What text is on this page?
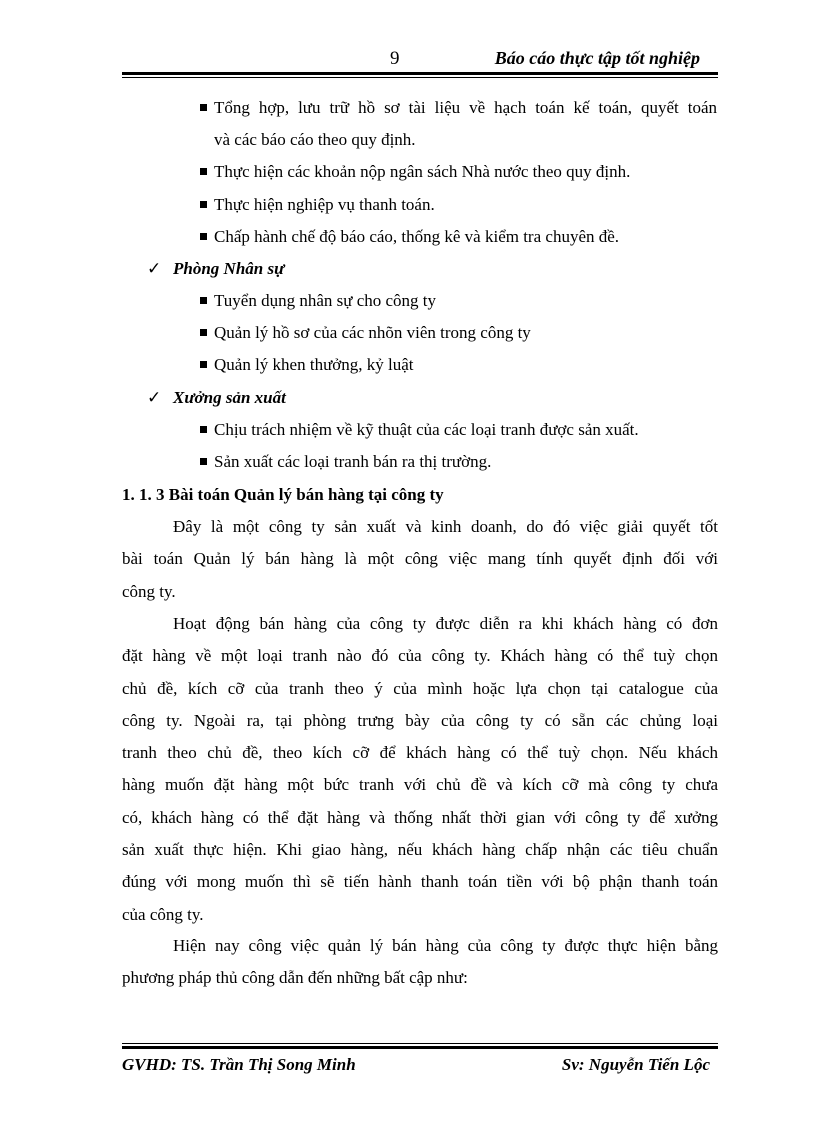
9	Báo cáo thực tập tốt nghiệp
Tổng hợp, lưu trữ hồ sơ tài liệu về hạch toán kế toán, quyết toán
và các báo cáo theo quy định.
Thực hiện các khoản nộp ngân sách Nhà nước theo quy định.
Thực hiện nghiệp vụ thanh toán.
Chấp hành chế độ báo cáo, thống kê và kiểm tra chuyên đề.
✓ Phòng Nhân sự
Tuyển dụng nhân sự cho công ty
Quản lý hồ sơ của các nhõn viên trong công ty
Quản lý khen thưởng, kỷ luật
✓ Xưởng sản xuất
Chịu trách nhiệm về kỹ thuật của các loại tranh được sản xuất.
Sản xuất các loại tranh bán ra thị trường.
1. 1. 3 Bài toán Quản lý bán hàng tại công ty
Đây là một công ty sản xuất và kinh doanh, do đó việc giải quyết tốt
bài toán Quản lý bán hàng là một công việc mang tính quyết định đối với
công ty.
Hoạt động bán hàng của công ty được diễn ra khi khách hàng có đơn
đặt hàng về một loại tranh nào đó của công ty. Khách hàng có thể tuỳ chọn
chủ đề, kích cỡ của tranh theo ý của mình hoặc lựa chọn tại catalogue của
công ty. Ngoài ra, tại phòng trưng bày của công ty có sẵn các chủng loại
tranh theo chủ đề, theo kích cỡ để khách hàng có thể tuỳ chọn. Nếu khách
hàng muốn đặt hàng một bức tranh với chủ đề và kích cỡ mà công ty chưa
có, khách hàng có thể đặt hàng và thống nhất thời gian với công ty để xưởng
sản xuất thực hiện. Khi giao hàng, nếu khách hàng chấp nhận các tiêu chuẩn
đúng với mong muốn thì sẽ tiến hành thanh toán tiền với bộ phận thanh toán
của công ty.
Hiện nay công việc quản lý bán hàng của công ty được thực hiện bằng
phương pháp thủ công dẫn đến những bất cập như:
GVHD: TS. Trần Thị Song Minh	Sv: Nguyễn Tiến Lộc
